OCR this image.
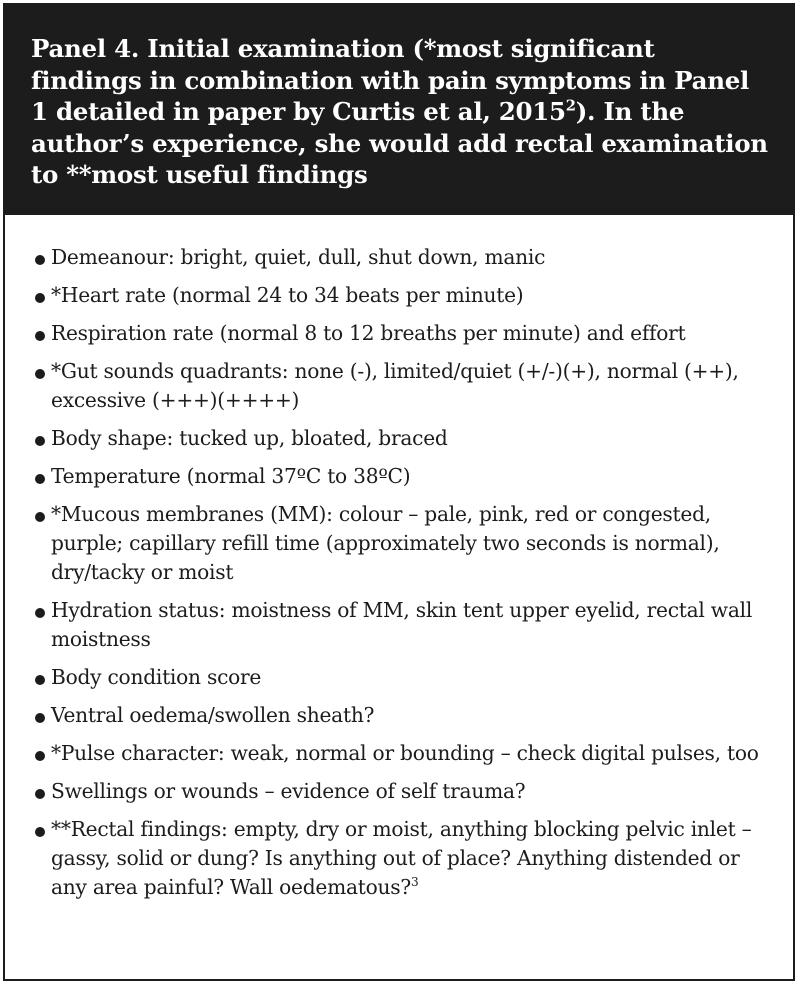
Panel 4. Initial examination (*most significant findings in combination with pain symptoms in Panel 1 detailed in paper by Curtis et al, 2015$^2$). In the author’s experience, she would add rectal examination to **most useful findings
Demeanour: bright, quiet, dull, shut down, manic
*Heart rate (normal 24 to 34 beats per minute)
Respiration rate (normal 8 to 12 breaths per minute) and effort
*Gut sounds quadrants: none (-), limited/quiet (+/-)(+), normal (++), excessive (+++)(++++)
Body shape: tucked up, bloated, braced
Temperature (normal 37ºC to 38ºC)
*Mucous membranes (MM): colour – pale, pink, red or congested, purple; capillary refill time (approximately two seconds is normal), dry/tacky or moist
Hydration status: moistness of MM, skin tent upper eyelid, rectal wall moistness
Body condition score
Ventral oedema/swollen sheath?
*Pulse character: weak, normal or bounding – check digital pulses, too
Swellings or wounds – evidence of self trauma?
**Rectal findings: empty, dry or moist, anything blocking pelvic inlet – gassy, solid or dung? Is anything out of place? Anything distended or any area painful? Wall oedematous?$^3$
